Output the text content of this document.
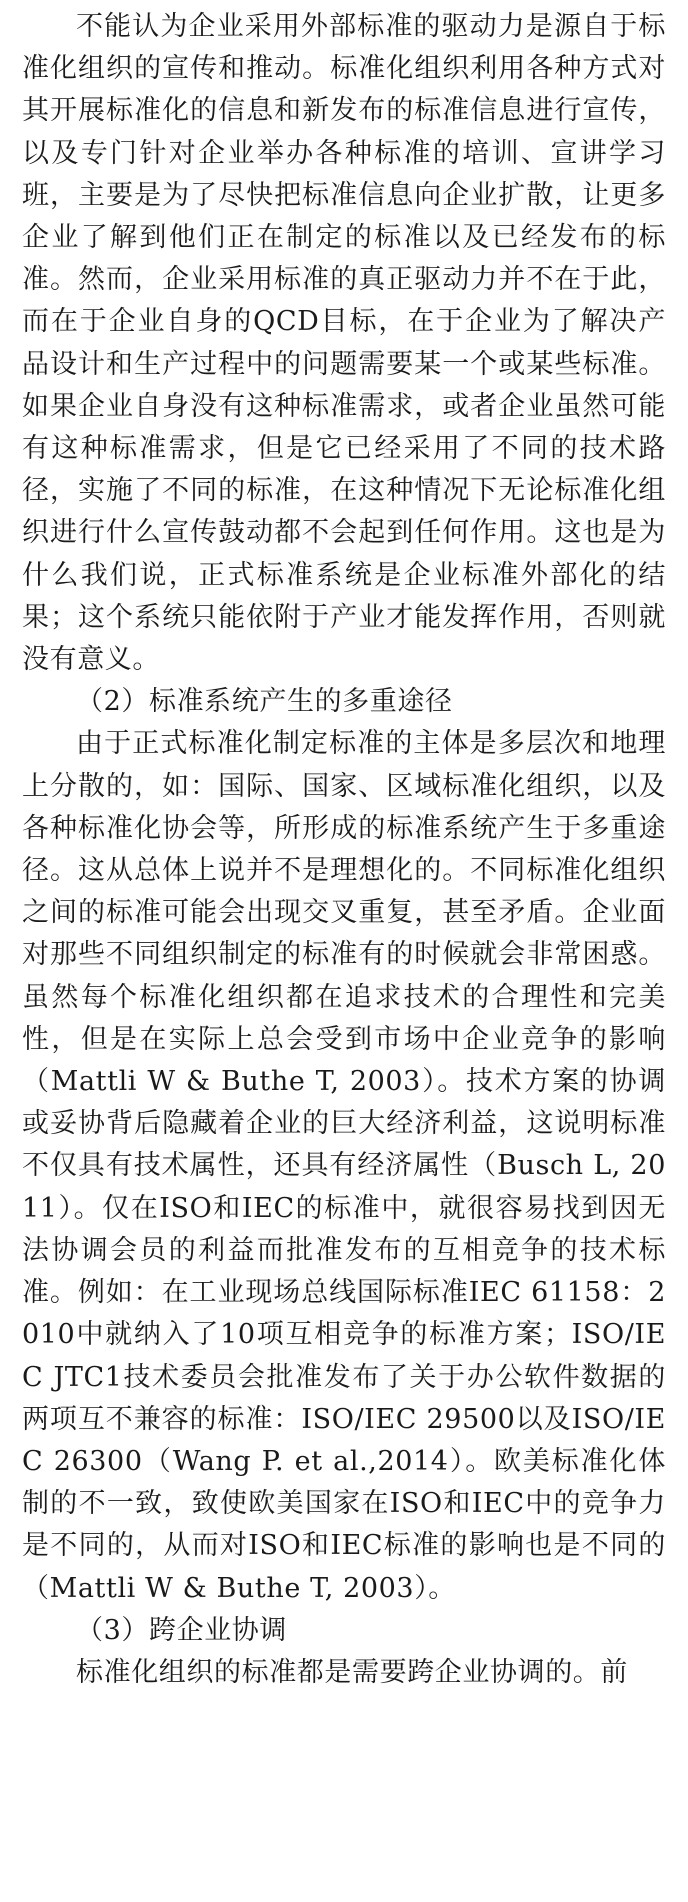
不能认为企业采用外部标准的驱动力是源自于标准化组织的宣传和推动。标准化组织利用各种方式对其开展标准化的信息和新发布的标准信息进行宣传，以及专门针对企业举办各种标准的培训、宣讲学习班，主要是为了尽快把标准信息向企业扩散，让更多企业了解到他们正在制定的标准以及已经发布的标准。然而，企业采用标准的真正驱动力并不在于此，而在于企业自身的QCD目标，在于企业为了解决产品设计和生产过程中的问题需要某一个或某些标准。如果企业自身没有这种标准需求，或者企业虽然可能有这种标准需求，但是它已经采用了不同的技术路径，实施了不同的标准，在这种情况下无论标准化组织进行什么宣传鼓动都不会起到任何作用。这也是为什么我们说，正式标准系统是企业标准外部化的结果；这个系统只能依附于产业才能发挥作用，否则就没有意义。

（2）标准系统产生的多重途径

由于正式标准化制定标准的主体是多层次和地理上分散的，如：国际、国家、区域标准化组织，以及各种标准化协会等，所形成的标准系统产生于多重途径。这从总体上说并不是理想化的。不同标准化组织之间的标准可能会出现交叉重复，甚至矛盾。企业面对那些不同组织制定的标准有的时候就会非常困惑。虽然每个标准化组织都在追求技术的合理性和完美性，但是在实际上总会受到市场中企业竞争的影响（Mattli W & Buthe T, 2003）。技术方案的协调或妥协背后隐藏着企业的巨大经济利益，这说明标准不仅具有技术属性，还具有经济属性（Busch L, 2011）。仅在ISO和IEC的标准中，就很容易找到因无法协调会员的利益而批准发布的互相竞争的技术标准。例如：在工业现场总线国际标准IEC 61158：2010中就纳入了10项互相竞争的标准方案；ISO/IEC JTC1技术委员会批准发布了关于办公软件数据的两项互不兼容的标准：ISO/IEC 29500以及ISO/IEC 26300（Wang P. et al.,2014）。欧美标准化体制的不一致，致使欧美国家在ISO和IEC中的竞争力是不同的，从而对ISO和IEC标准的影响也是不同的（Mattli W & Buthe T, 2003）。

（3）跨企业协调

标准化组织的标准都是需要跨企业协调的。前
